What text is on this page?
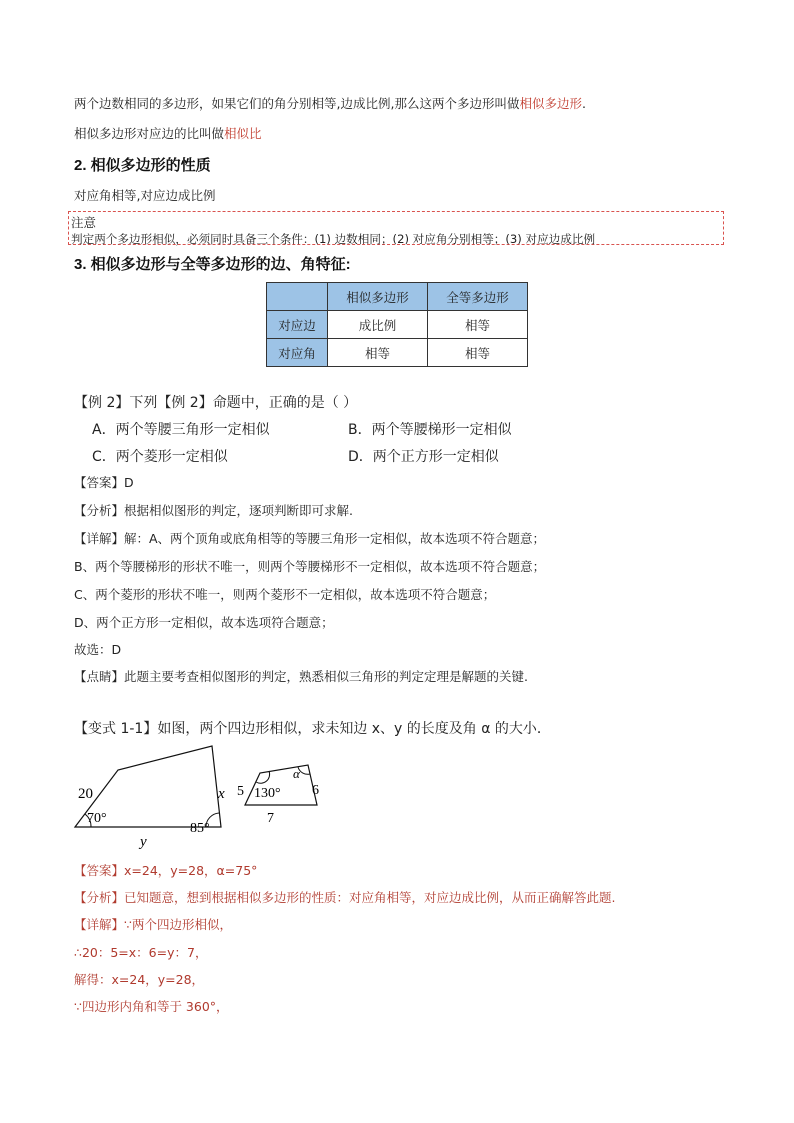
两个边数相同的多边形，如果它们的角分别相等,边成比例,那么这两个多边形叫做相似多边形.
相似多边形对应边的比叫做相似比
2. 相似多边形的性质
对应角相等,对应边成比例
注意
判定两个多边形相似，必须同时具备三个条件：(1) 边数相同；(2) 对应角分别相等；(3) 对应边成比例
3. 相似多边形与全等多边形的边、角特征:
	相似多边形	全等多边形
对应边	成比例	相等
对应角	相等	相等
【例 2】下列【例 2】命题中，正确的是（ ）
A．两个等腰三角形一定相似	B．两个等腰梯形一定相似
C．两个菱形一定相似	D．两个正方形一定相似
【答案】D
【分析】根据相似图形的判定，逐项判断即可求解.
【详解】解：A、两个顶角或底角相等的等腰三角形一定相似，故本选项不符合题意；
B、两个等腰梯形的形状不唯一，则两个等腰梯形不一定相似，故本选项不符合题意；
C、两个菱形的形状不唯一，则两个菱形不一定相似，故本选项不符合题意；
D、两个正方形一定相似，故本选项符合题意；
故选：D
【点睛】此题主要考查相似图形的判定，熟悉相似三角形的判定定理是解题的关键.
【变式 1-1】如图，两个四边形相似，求未知边 x、y 的长度及角 α 的大小．
20	x
y
70°
85°
5	6
7
130°
α
【答案】x=24，y=28，α=75°
【分析】已知题意，想到根据相似多边形的性质：对应角相等，对应边成比例，从而正确解答此题.
【详解】∵两个四边形相似，
∴20：5=x：6=y：7，
解得：x=24，y=28，
∵四边形内角和等于 360°，
